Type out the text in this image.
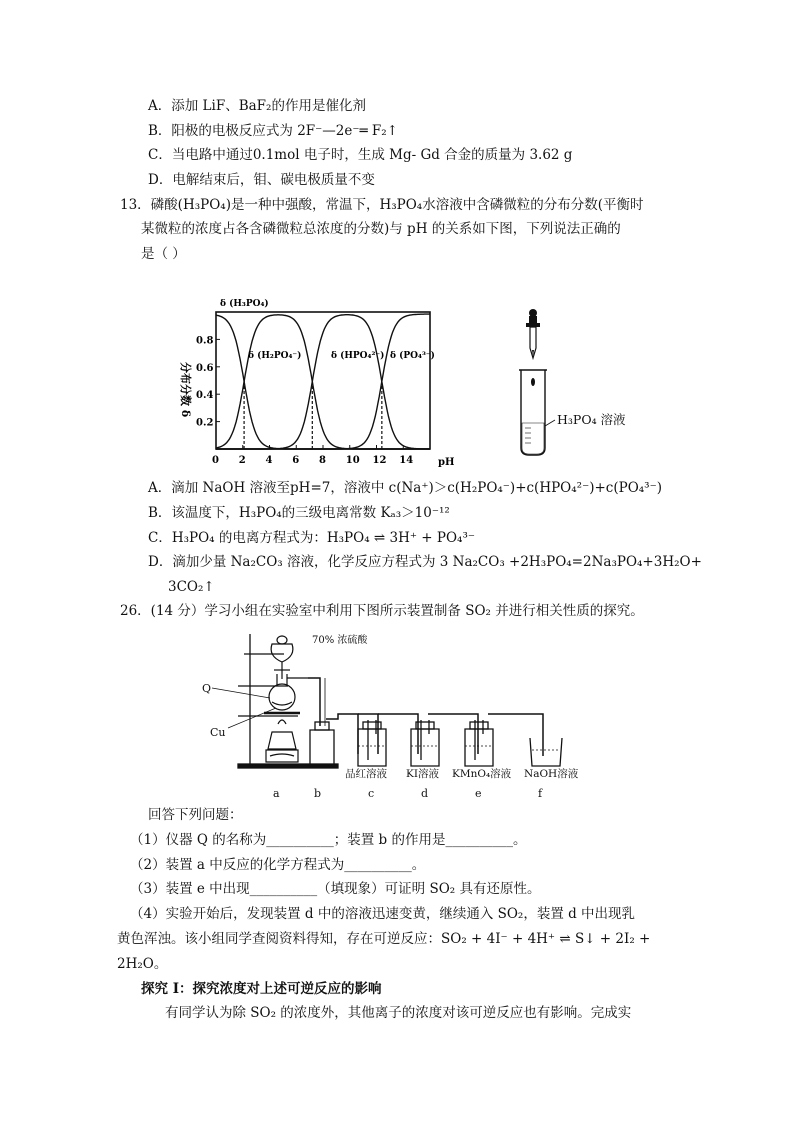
A．添加 LiF、BaF₂的作用是催化剂
B．阳极的电极反应式为 2F⁻—2e⁻═ F₂↑
C．当电路中通过0.1mol 电子时，生成 Mg- Gd 合金的质量为 3.62 g
D．电解结束后，钼、碳电极质量不变
13．磷酸(H₃PO₄)是一种中强酸，常温下，H₃PO₄水溶液中含磷微粒的分布分数(平衡时
某微粒的浓度占各含磷微粒总浓度的分数)与 pH 的关系如下图，下列说法正确的
是（ ）
0 2 4 6 8 10 12 14
0.2
0.4
0.6
0.8
分布分数 δ
pH
δ (H₃PO₄)
δ (H₂PO₄⁻)	δ (HPO₄²⁻) δ (PO₄³⁻)
H₃PO₄ 溶液
A．滴加 NaOH 溶液至pH=7，溶液中 c(Na⁺)＞c(H₂PO₄⁻)+c(HPO₄²⁻)+c(PO₄³⁻)
B．该温度下，H₃PO₄的三级电离常数 Kₐ₃＞10⁻¹²
C．H₃PO₄ 的电离方程式为：H₃PO₄ ⇌ 3H⁺ + PO₄³⁻
D．滴加少量 Na₂CO₃ 溶液，化学反应方程式为 3 Na₂CO₃ +2H₃PO₄=2Na₃PO₄+3H₂O+
3CO₂↑
26．(14 分）学习小组在实验室中利用下图所示装置制备 SO₂ 并进行相关性质的探究。
70% 浓硫酸
Q
Cu
品红溶液 KI溶液 KMnO₄溶液 NaOH溶液
a	b	c	d	e	f
回答下列问题：
（1）仪器 Q 的名称为__________；装置 b 的作用是__________。
（2）装置 a 中反应的化学方程式为__________。
（3）装置 e 中出现__________（填现象）可证明 SO₂ 具有还原性。
（4）实验开始后，发现装置 d 中的溶液迅速变黄，继续通入 SO₂，装置 d 中出现乳
黄色浑浊。该小组同学查阅资料得知，存在可逆反应：SO₂ + 4I⁻ + 4H⁺ ⇌ S↓ + 2I₂ +
2H₂O。
探究 I：探究浓度对上述可逆反应的影响
有同学认为除 SO₂ 的浓度外，其他离子的浓度对该可逆反应也有影响。完成实
